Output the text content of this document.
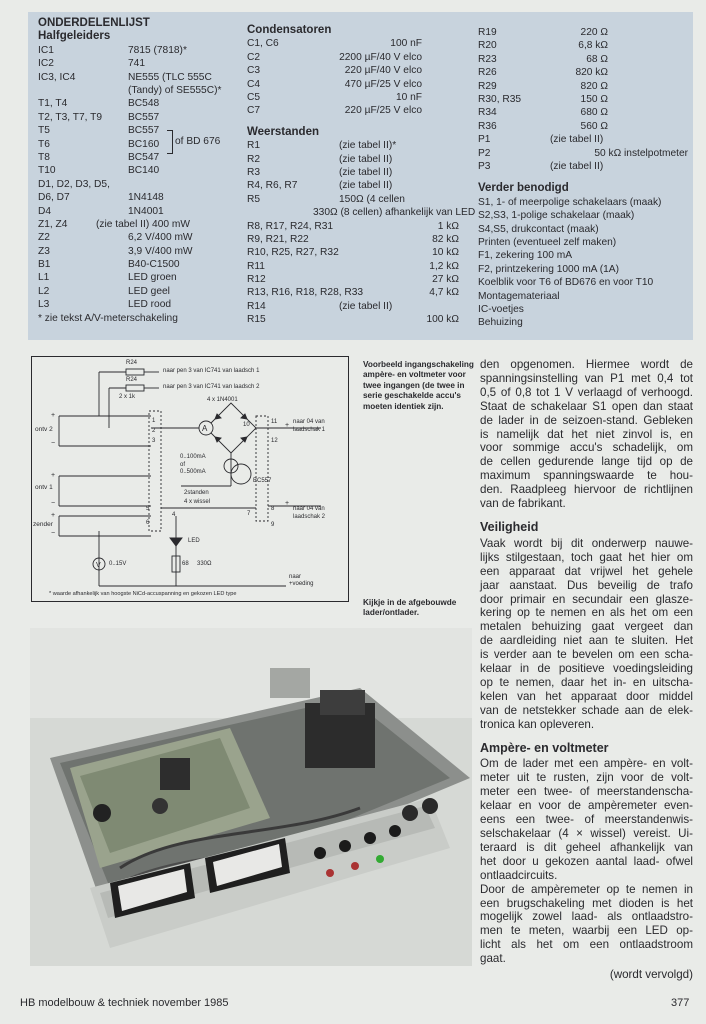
ONDERDELENLIJST
Halfgeleiders
IC1	7815 (7818)*
IC2	741
IC3, IC4	NE555 (TLC 555C
(Tandy) of SE555C)*
T1, T4	BC548
T2, T3, T7, T9	BC557
T5	BC557
T6	BC160
T8	BC547
T10	BC140
D1, D2, D3, D5,
D6, D7	1N4148
D4	1N4001
Z1, Z4	(zie tabel II) 400 mW
Z2	6,2 V/400 mW
Z3	3,9 V/400 mW
B1	B40-C1500
L1	LED groen
L2	LED geel
L3	LED rood
* zie tekst A/V-meterschakeling
of BD 676
Condensatoren
C1, C6	100 nF
C2	2200 µF/40 V elco
C3	220 µF/40 V elco
C4	470 µF/25 V elco
C5	10 nF
C7	220 µF/25 V elco
Weerstanden
R1	(zie tabel II)*
R2	(zie tabel II)
R3	(zie tabel II)
R4, R6, R7	(zie tabel II)
R5	150Ω (4 cellen
330Ω (8 cellen) afhankelijk van LED
R8, R17, R24, R31	1 kΩ
R9, R21, R22	82 kΩ
R10, R25, R27, R32	10 kΩ
R11	1,2 kΩ
R12	27 kΩ
R13, R16, R18, R28, R33	4,7 kΩ
R14	(zie tabel II)
R15	100 kΩ
R19	220 Ω
R20	6,8 kΩ
R23	68 Ω
R26	820 kΩ
R29	820 Ω
R30, R35	150 Ω
R34	680 Ω
R36	560 Ω
P1	(zie tabel II)
P2	50 kΩ instelpotmeter
P3	(zie tabel II)
Verder benodigd
S1, 1- of meerpolige schakelaars (maak)
S2,S3, 1-polige schakelaar (maak)
S4,S5, drukcontact (maak)
Printen (eventueel zelf maken)
F1, zekering 100 mA
F2, printzekering 1000 mA (1A)
Koelblik voor T6 of BD676 en voor T10
Montagemateriaal
IC-voetjes
Behuizing
A
V
R24
naar pen 3 van IC741 van laadsch 1
R24
naar pen 3 van IC741 van laadsch 2
2 x 1k	4 x 1N4001
ontv 2
ontv 1
zender
0..100mA
of
0..500mA
BC557
2standen
4 x wissel
naar 04 van
laadschak 1
naar 04 van
laadschak 2
LED
68 330Ω
0..15V
naar
+voeding
+
−
+
−
+
−
+
+
1
2
3
4
5
6
7
8
9
10	11
12
* waarde afhankelijk van hoogste NiCd-accuspanning en gekozen LED type
Voorbeeld ingangschakeling ampère- en voltmeter voor twee ingangen (de twee in serie geschakelde accu's moeten identiek zijn.
Kijkje in de afgebouwde lader/ontlader.
den opgenomen. Hiermee wordt de
spanningsinstelling van P1 met 0,4 tot
0,5 of 0,8 tot 1 V verlaagd of verhoogd.
Staat de schakelaar S1 open dan staat
de lader in de seizoen-stand. Gebleken
is namelijk dat het niet zinvol is, en
voor sommige accu's schadelijk, om
de cellen gedurende lange tijd op de
maximum spanningswaarde te hou-
den. Raadpleeg hiervoor de richtlijnen
van de fabrikant.
Veiligheid
Vaak wordt bij dit onderwerp nauwe-
lijks stilgestaan, toch gaat het hier om
een apparaat dat vrijwel het gehele
jaar aanstaat. Dus beveilig de trafo
door primair en secundair een glasze-
kering op te nemen en als het om een
metalen behuizing gaat vergeet dan
de aardleiding niet aan te sluiten. Het
is verder aan te bevelen om een scha-
kelaar in de positieve voedingsleiding
op te nemen, daar het in- en uitscha-
kelen van het apparaat door middel
van de netstekker schade aan de elek-
tronica kan opleveren.
Ampère- en voltmeter
Om de lader met een ampère- en volt-
meter uit te rusten, zijn voor de volt-
meter een twee- of meerstandenscha-
kelaar en voor de ampèremeter even-
eens een twee- of meerstandenwis-
selschakelaar (4 × wissel) vereist. Ui-
teraard is dit geheel afhankelijk van
het door u gekozen aantal laad- ofwel
ontlaadcircuits.
Door de ampèremeter op te nemen in
een brugschakeling met dioden is het
mogelijk zowel laad- als ontlaadstro-
men te meten, waarbij een LED op-
licht als het om een ontlaadstroom
gaat.
(wordt vervolgd)
HB modelbouw & techniek november 1985	377
